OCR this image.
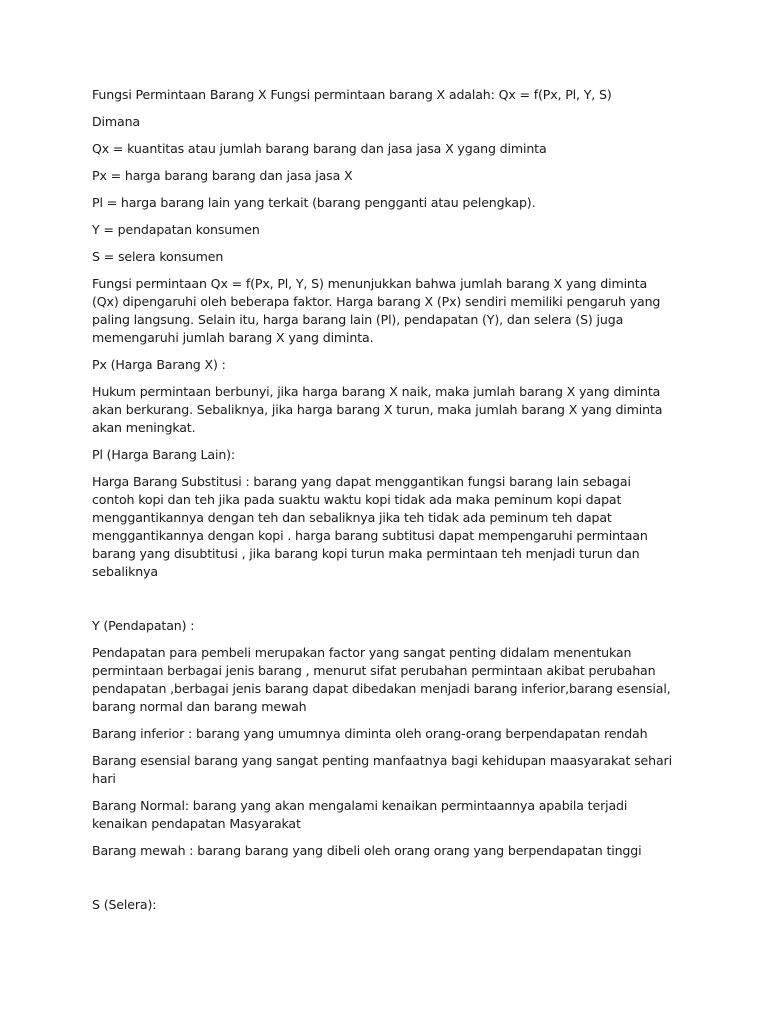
Fungsi Permintaan Barang X Fungsi permintaan barang X adalah: Qx = f(Px, Pl, Y, S)

Dimana

Qx = kuantitas atau jumlah barang barang dan jasa jasa X ygang diminta

Px = harga barang barang dan jasa jasa X

Pl = harga barang lain yang terkait (barang pengganti atau pelengkap).

Y = pendapatan konsumen

S = selera konsumen

Fungsi permintaan Qx = f(Px, Pl, Y, S) menunjukkan bahwa jumlah barang X yang diminta (Qx) dipengaruhi oleh beberapa faktor. Harga barang X (Px) sendiri memiliki pengaruh yang paling langsung. Selain itu, harga barang lain (Pl), pendapatan (Y), dan selera (S) juga memengaruhi jumlah barang X yang diminta.

Px (Harga Barang X) :

Hukum permintaan berbunyi, jika harga barang X naik, maka jumlah barang X yang diminta akan berkurang. Sebaliknya, jika harga barang X turun, maka jumlah barang X yang diminta akan meningkat.

Pl (Harga Barang Lain):

Harga Barang Substitusi : barang yang dapat menggantikan fungsi barang lain sebagai contoh kopi dan teh jika pada suaktu waktu kopi tidak ada maka peminum kopi dapat menggantikannya dengan teh dan sebaliknya jika teh tidak ada peminum teh dapat menggantikannya dengan kopi . harga barang subtitusi dapat mempengaruhi permintaan barang yang disubtitusi , jika barang kopi turun maka permintaan teh menjadi turun dan sebaliknya

Y (Pendapatan) :

Pendapatan para pembeli merupakan factor yang sangat penting didalam menentukan permintaan berbagai jenis barang , menurut sifat perubahan permintaan akibat perubahan pendapatan ,berbagai jenis barang dapat dibedakan menjadi barang inferior,barang esensial, barang normal dan barang mewah

Barang inferior : barang yang umumnya diminta oleh orang-orang berpendapatan rendah

Barang esensial barang yang sangat penting manfaatnya bagi kehidupan maasyarakat sehari hari

Barang Normal: barang yang akan mengalami kenaikan permintaannya apabila terjadi kenaikan pendapatan Masyarakat

Barang mewah : barang barang yang dibeli oleh orang orang yang berpendapatan tinggi

S (Selera):
